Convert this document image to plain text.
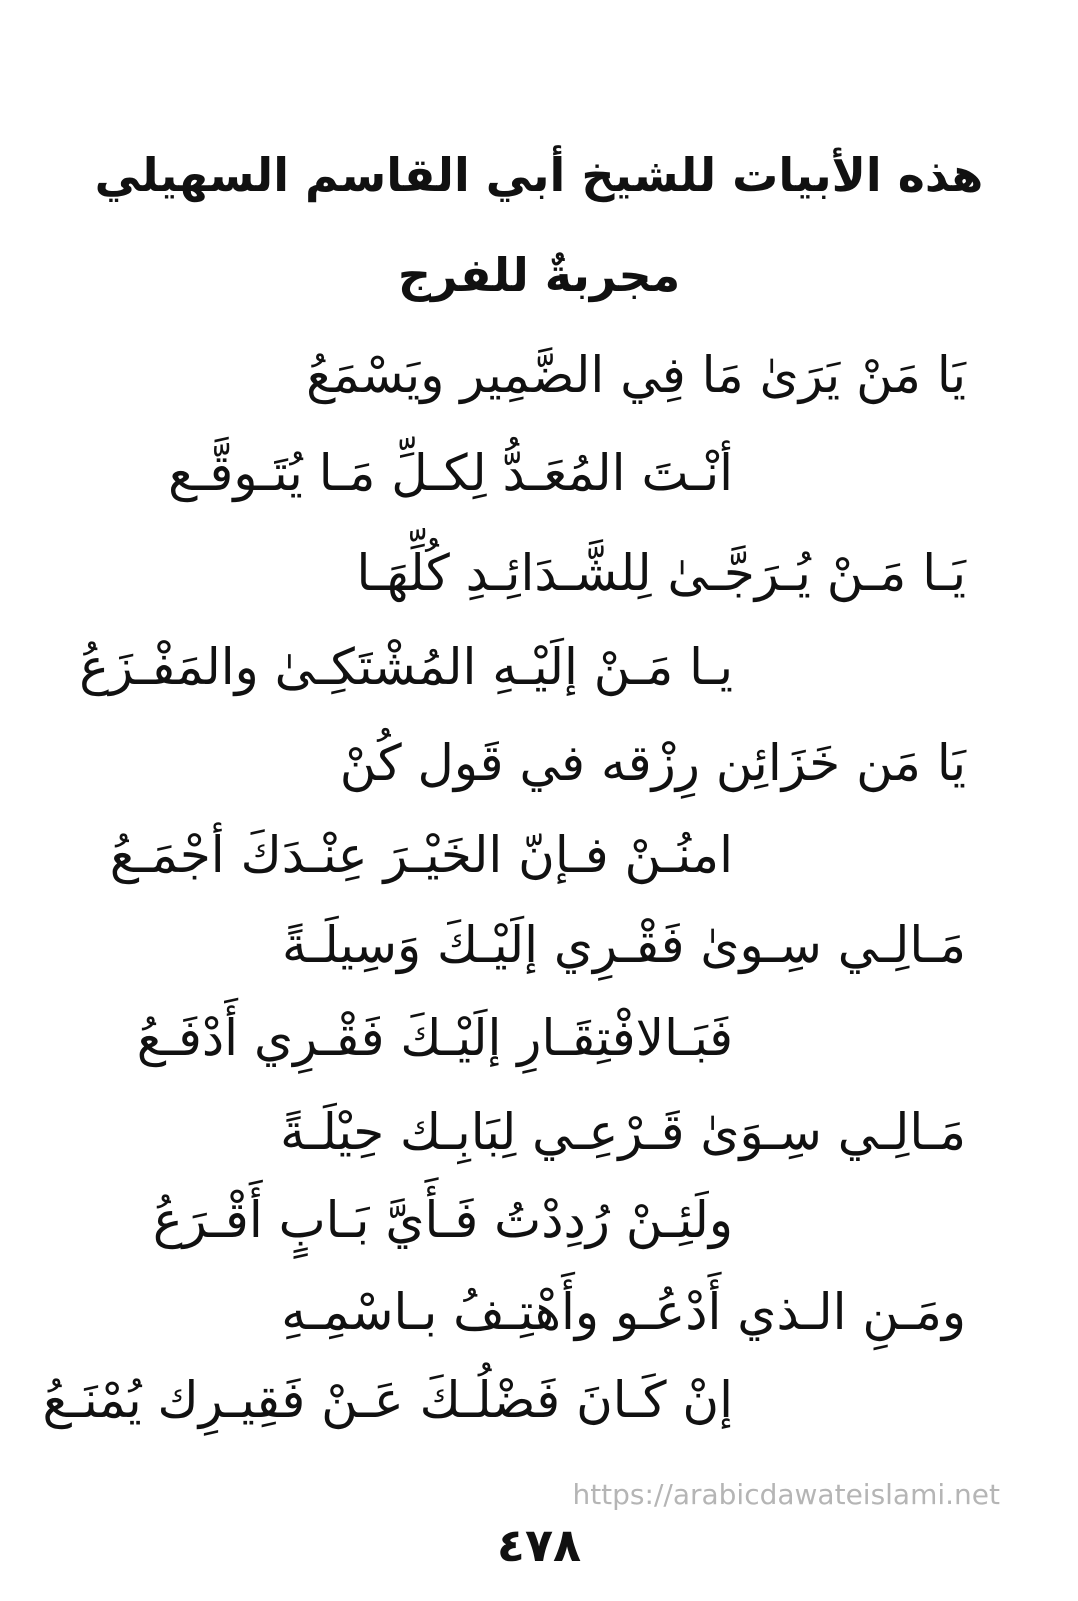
هذه الأبيات للشيخ أبي القاسم السهيلي
مجربةٌ للفرج
يَا مَنْ يَرَىٰ مَا فِي الضَّمِير ويَسْمَعُ
أنْـتَ المُعَـدُّ لِكـلِّ مَـا يُتَـوقَّـع
يَـا مَـنْ يُـرَجَّـىٰ لِلشَّـدَائِـدِ كُلِّهَـا
يـا مَـنْ إلَيْـهِ المُشْتَكِـىٰ والمَفْـزَعُ
يَا مَن خَزَائِن رِزْقه في قَول كُنْ
امنُـنْ فـإنّ الخَيْـرَ عِنْـدَكَ أجْمَـعُ
مَـالِـي سِـوىٰ فَقْـرِي إلَيْـكَ وَسِيلَـةً
فَبَـالافْتِقَـارِ إلَيْـكَ فَقْـرِي أَدْفَـعُ
مَـالِـي سِـوَىٰ قَـرْعِـي لِبَابِـك حِيْلَـةً
ولَئِـنْ رُدِدْتُ فَـأَيَّ بَـابٍ أَقْـرَعُ
ومَـنِ الـذي أَدْعُـو وأَهْتِـفُ بـاسْمِـهِ
إنْ كَـانَ فَضْلُـكَ عَـنْ فَقِيـرِك يُمْنَـعُ
https://arabicdawateislami.net
٤٧٨
